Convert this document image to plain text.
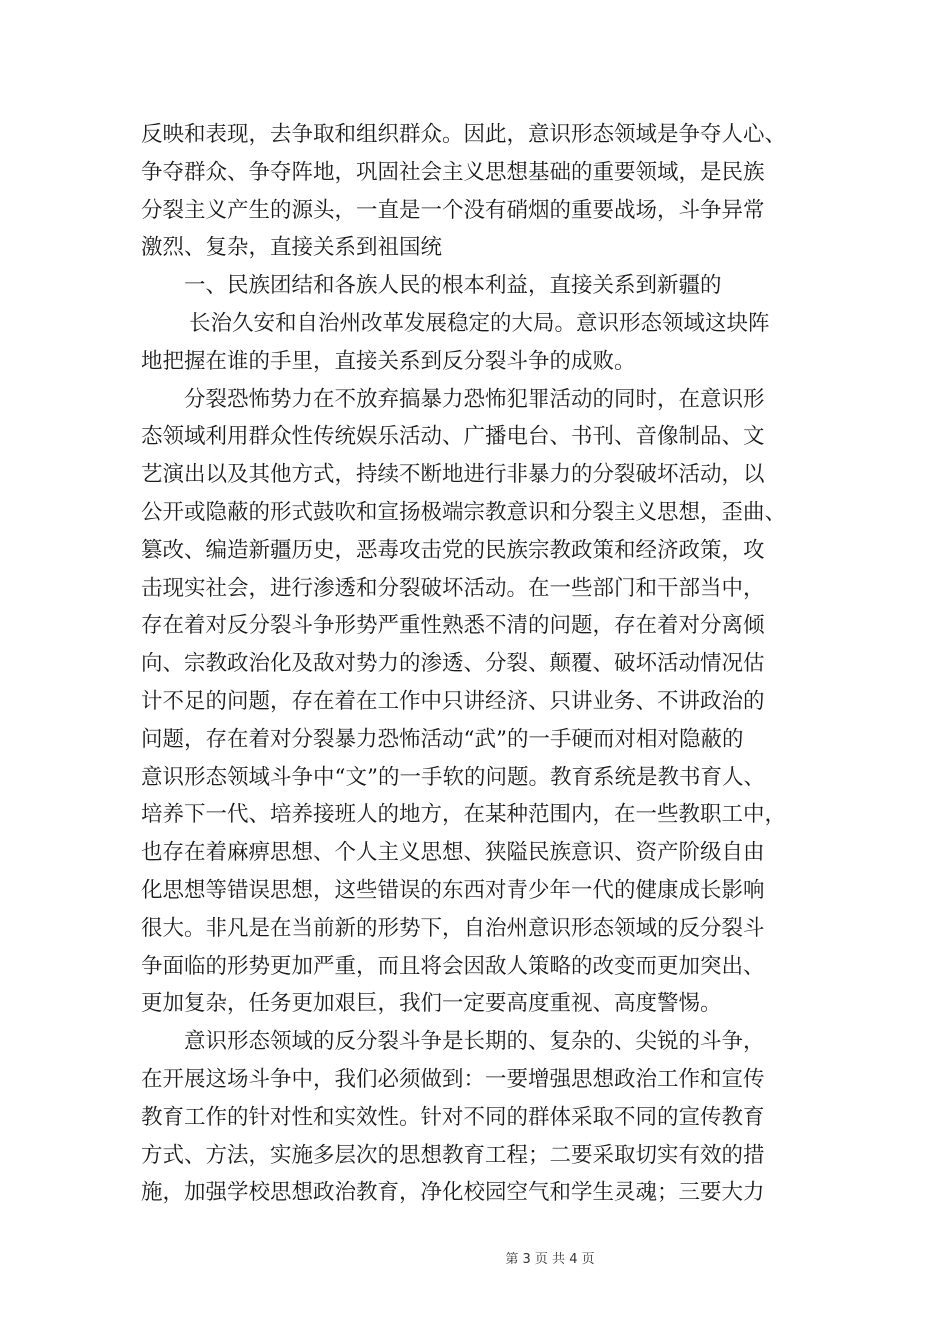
反映和表现，去争取和组织群众。因此，意识形态领域是争夺人心、
争夺群众、争夺阵地，巩固社会主义思想基础的重要领域，是民族
分裂主义产生的源头，一直是一个没有硝烟的重要战场，斗争异常
激烈、复杂，直接关系到祖国统
一、民族团结和各族人民的根本利益，直接关系到新疆的
长治久安和自治州改革发展稳定的大局。意识形态领域这块阵
地把握在谁的手里，直接关系到反分裂斗争的成败。
分裂恐怖势力在不放弃搞暴力恐怖犯罪活动的同时，在意识形
态领域利用群众性传统娱乐活动、广播电台、书刊、音像制品、文
艺演出以及其他方式，持续不断地进行非暴力的分裂破坏活动，以
公开或隐蔽的形式鼓吹和宣扬极端宗教意识和分裂主义思想，歪曲、
篡改、编造新疆历史，恶毒攻击党的民族宗教政策和经济政策，攻
击现实社会，进行渗透和分裂破坏活动。在一些部门和干部当中，
存在着对反分裂斗争形势严重性熟悉不清的问题，存在着对分离倾
向、宗教政治化及敌对势力的渗透、分裂、颠覆、破坏活动情况估
计不足的问题，存在着在工作中只讲经济、只讲业务、不讲政治的
问题，存在着对分裂暴力恐怖活动“武”的一手硬而对相对隐蔽的
意识形态领域斗争中“文”的一手软的问题。教育系统是教书育人、
培养下一代、培养接班人的地方，在某种范围内，在一些教职工中，
也存在着麻痹思想、个人主义思想、狭隘民族意识、资产阶级自由
化思想等错误思想，这些错误的东西对青少年一代的健康成长影响
很大。非凡是在当前新的形势下，自治州意识形态领域的反分裂斗
争面临的形势更加严重，而且将会因敌人策略的改变而更加突出、
更加复杂，任务更加艰巨，我们一定要高度重视、高度警惕。
意识形态领域的反分裂斗争是长期的、复杂的、尖锐的斗争，
在开展这场斗争中，我们必须做到：一要增强思想政治工作和宣传
教育工作的针对性和实效性。针对不同的群体采取不同的宣传教育
方式、方法，实施多层次的思想教育工程；二要采取切实有效的措
施，加强学校思想政治教育，净化校园空气和学生灵魂；三要大力
第 3 页 共 4 页
